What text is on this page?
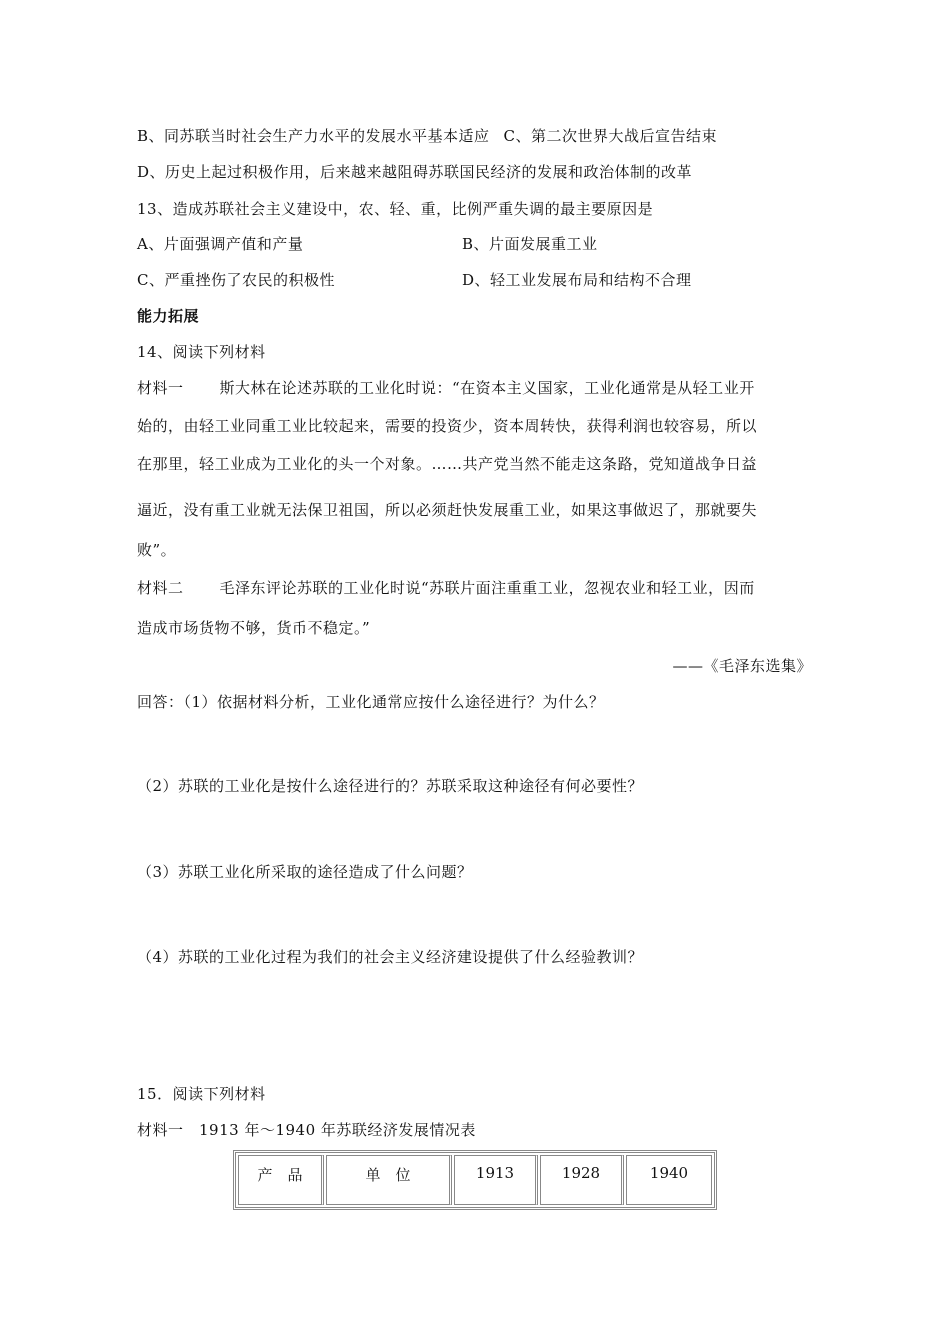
B、同苏联当时社会生产力水平的发展水平基本适应 C、第二次世界大战后宣告结束
D、历史上起过积极作用，后来越来越阻碍苏联国民经济的发展和政治体制的改革
13、造成苏联社会主义建设中，农、轻、重，比例严重失调的最主要原因是
A、片面强调产值和产量	B、片面发展重工业
C、严重挫伤了农民的积极性	D、轻工业发展布局和结构不合理
能力拓展
14、阅读下列材料
材料一 斯大林在论述苏联的工业化时说：“在资本主义国家，工业化通常是从轻工业开
始的，由轻工业同重工业比较起来，需要的投资少，资本周转快，获得利润也较容易，所以
在那里，轻工业成为工业化的头一个对象。……共产党当然不能走这条路，党知道战争日益
逼近，没有重工业就无法保卫祖国，所以必须赶快发展重工业，如果这事做迟了，那就要失
败”。
材料二 毛泽东评论苏联的工业化时说“苏联片面注重重工业，忽视农业和轻工业，因而
造成市场货物不够，货币不稳定。”
——《毛泽东选集》
回答：（1）依据材料分析，工业化通常应按什么途径进行？为什么？
（2）苏联的工业化是按什么途径进行的？苏联采取这种途径有何必要性？
（3）苏联工业化所采取的途径造成了什么问题？
（4）苏联的工业化过程为我们的社会主义经济建设提供了什么经验教训？
15．阅读下列材料
材料一　1913 年～1940 年苏联经济发展情况表
产　品	单　位	1913	1928	1940
